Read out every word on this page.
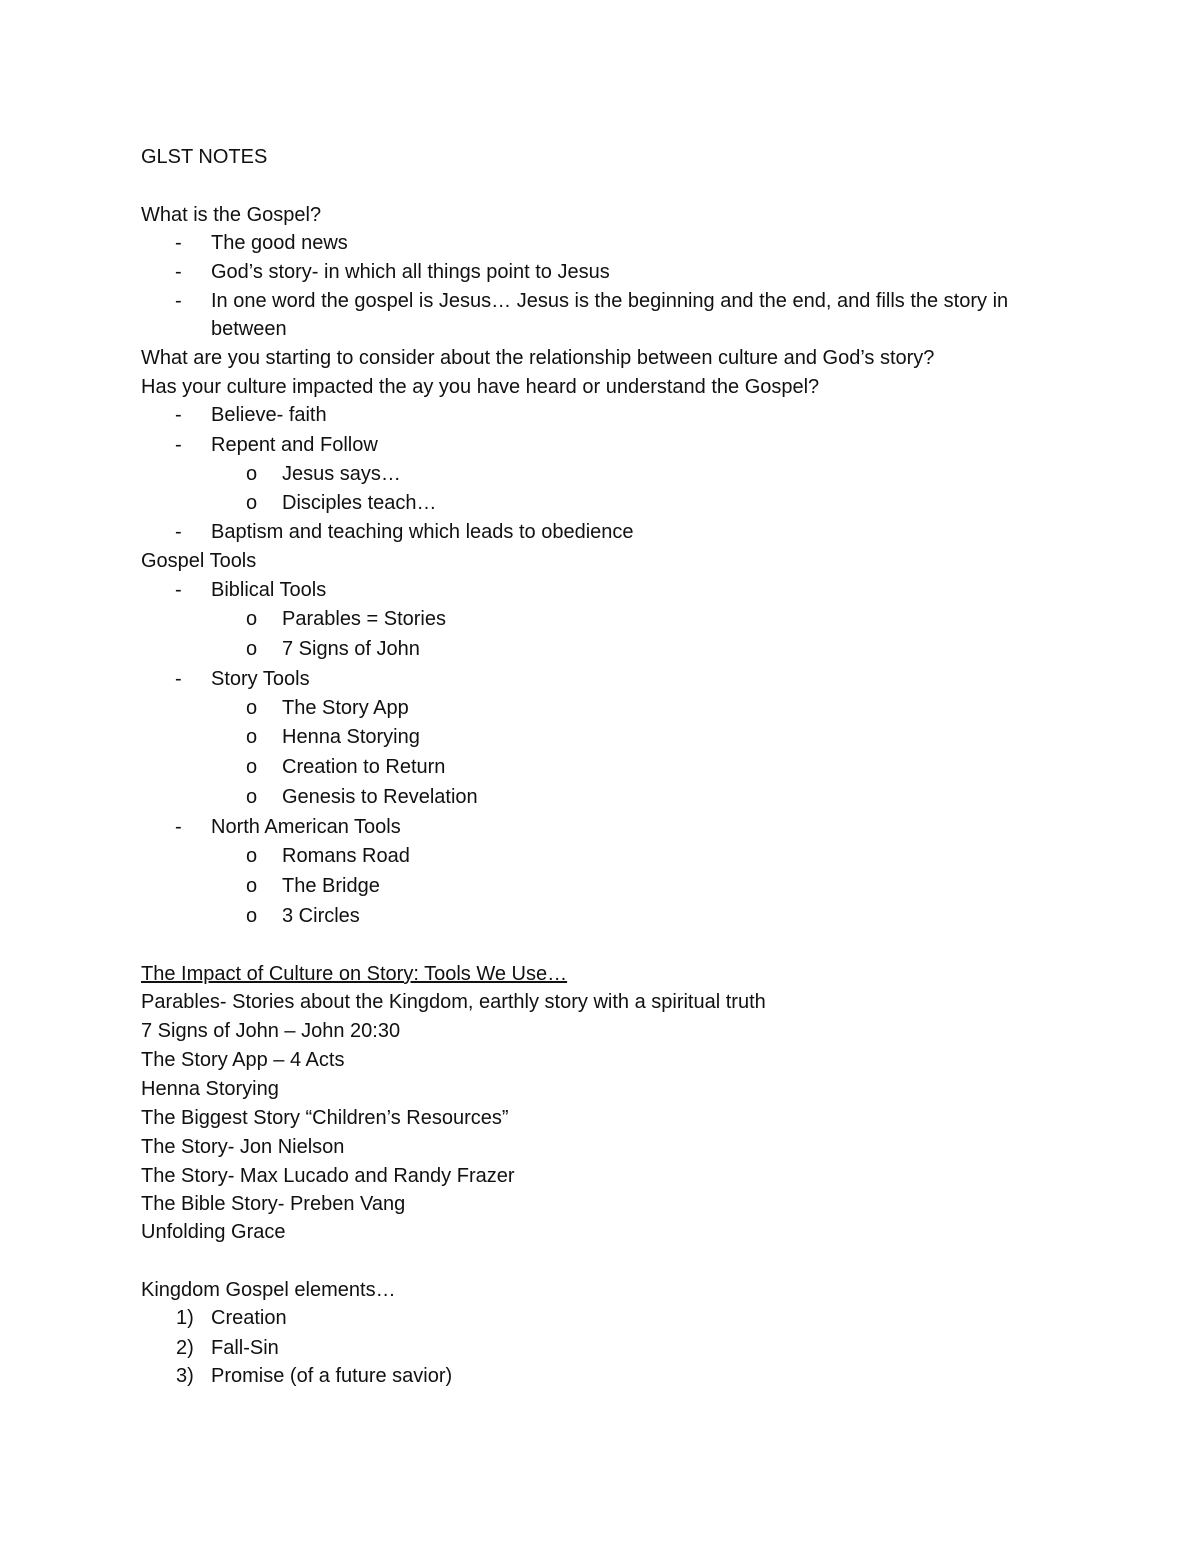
GLST NOTES
What is the Gospel?
- The good news
- God’s story- in which all things point to Jesus
- In one word the gospel is Jesus… Jesus is the beginning and the end, and fills the story in
between
What are you starting to consider about the relationship between culture and God’s story?
Has your culture impacted the ay you have heard or understand the Gospel?
- Believe- faith
- Repent and Follow
o Jesus says…
o Disciples teach…
- Baptism and teaching which leads to obedience
Gospel Tools
- Biblical Tools
o Parables = Stories
o 7 Signs of John
- Story Tools
o The Story App
o Henna Storying
o Creation to Return
o Genesis to Revelation
- North American Tools
o Romans Road
o The Bridge
o 3 Circles
The Impact of Culture on Story: Tools We Use…
Parables- Stories about the Kingdom, earthly story with a spiritual truth
7 Signs of John – John 20:30
The Story App – 4 Acts
Henna Storying
The Biggest Story “Children’s Resources”
The Story- Jon Nielson
The Story- Max Lucado and Randy Frazer
The Bible Story- Preben Vang
Unfolding Grace
Kingdom Gospel elements…
1) Creation
2) Fall-Sin
3) Promise (of a future savior)
